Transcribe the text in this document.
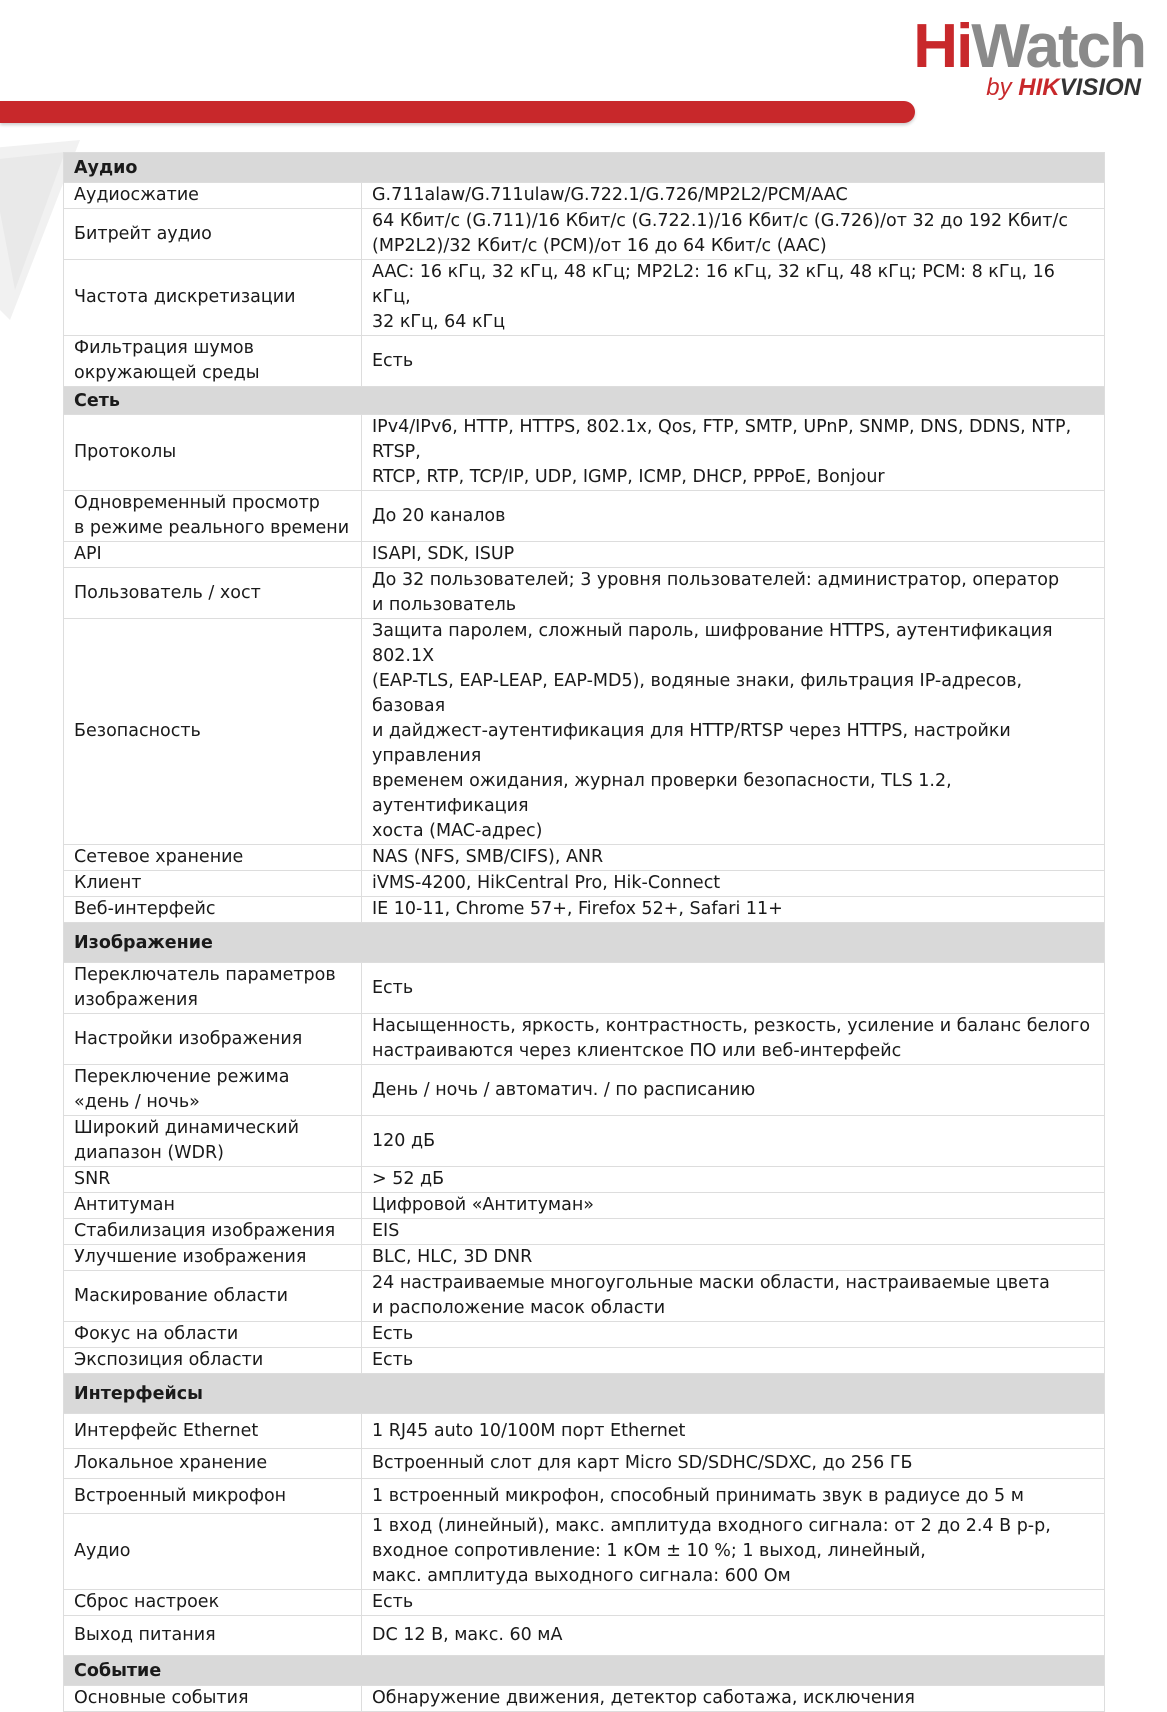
HiWatch
by HIKVISION
Аудио	

Аудиосжатие	G.711alaw/G.711ulaw/G.722.1/G.726/MP2L2/PCM/AAC

Битрейт аудио	64 Кбит/с (G.711)/16 Кбит/с (G.722.1)/16 Кбит/с (G.726)/от 32 до 192 Кбит/с
(MP2L2)/32 Кбит/с (PCM)/от 16 до 64 Кбит/с (AAC)

Частота дискретизации	AAC: 16 кГц, 32 кГц, 48 кГц; MP2L2: 16 кГц, 32 кГц, 48 кГц; PCM: 8 кГц, 16 кГц,
32 кГц, 64 кГц

Фильтрация шумов
окружающей среды	Есть

Сеть	

Протоколы	IPv4/IPv6, HTTP, HTTPS, 802.1x, Qos, FTP, SMTP, UPnP, SNMP, DNS, DDNS, NTP, RTSP,
RTCP, RTP, TCP/IP, UDP, IGMP, ICMP, DHCP, PPPoE, Bonjour

Одновременный просмотр
в режиме реального времени	До 20 каналов

API	ISAPI, SDK, ISUP

Пользователь / хост	До 32 пользователей; 3 уровня пользователей: администратор, оператор
и пользователь

Безопасность	Защита паролем, сложный пароль, шифрование HTTPS, аутентификация 802.1X
(EAP-TLS, EAP-LEAP, EAP-MD5), водяные знаки, фильтрация IP-адресов, базовая
и дайджест-аутентификация для HTTP/RTSP через HTTPS, настройки управления
временем ожидания, журнал проверки безопасности, TLS 1.2, аутентификация
хоста (MAC-адрес)

Сетевое хранение	NAS (NFS, SMB/CIFS), ANR

Клиент	iVMS-4200, HikCentral Pro, Hik-Connect

Веб-интерфейс	IE 10-11, Chrome 57+, Firefox 52+, Safari 11+

Изображение	

Переключатель параметров
изображения	Есть

Настройки изображения	Насыщенность, яркость, контрастность, резкость, усиление и баланс белого
настраиваются через клиентское ПО или веб-интерфейс

Переключение режима
«день / ночь»	День / ночь / автоматич. / по расписанию

Широкий динамический
диапазон (WDR)	120 дБ

SNR	> 52 дБ

Антитуман	Цифровой «Антитуман»

Стабилизация изображения	EIS

Улучшение изображения	BLC, HLC, 3D DNR

Маскирование области	24 настраиваемые многоугольные маски области, настраиваемые цвета
и расположение масок области

Фокус на области	Есть

Экспозиция области	Есть

Интерфейсы	

Интерфейс Ethernet	1 RJ45 auto 10/100M порт Ethernet

Локальное хранение	Встроенный слот для карт Micro SD/SDHC/SDXC, до 256 ГБ

Встроенный микрофон	1 встроенный микрофон, способный принимать звук в радиусе до 5 м

Аудио	1 вход (линейный), макс. амплитуда входного сигнала: от 2 до 2.4 В р-р,
входное сопротивление: 1 кОм ± 10 %; 1 выход, линейный,
макс. амплитуда выходного сигнала: 600 Ом

Сброс настроек	Есть

Выход питания	DC 12 В, макс. 60 мА

Событие	

Основные события	Обнаружение движения, детектор саботажа, исключения
